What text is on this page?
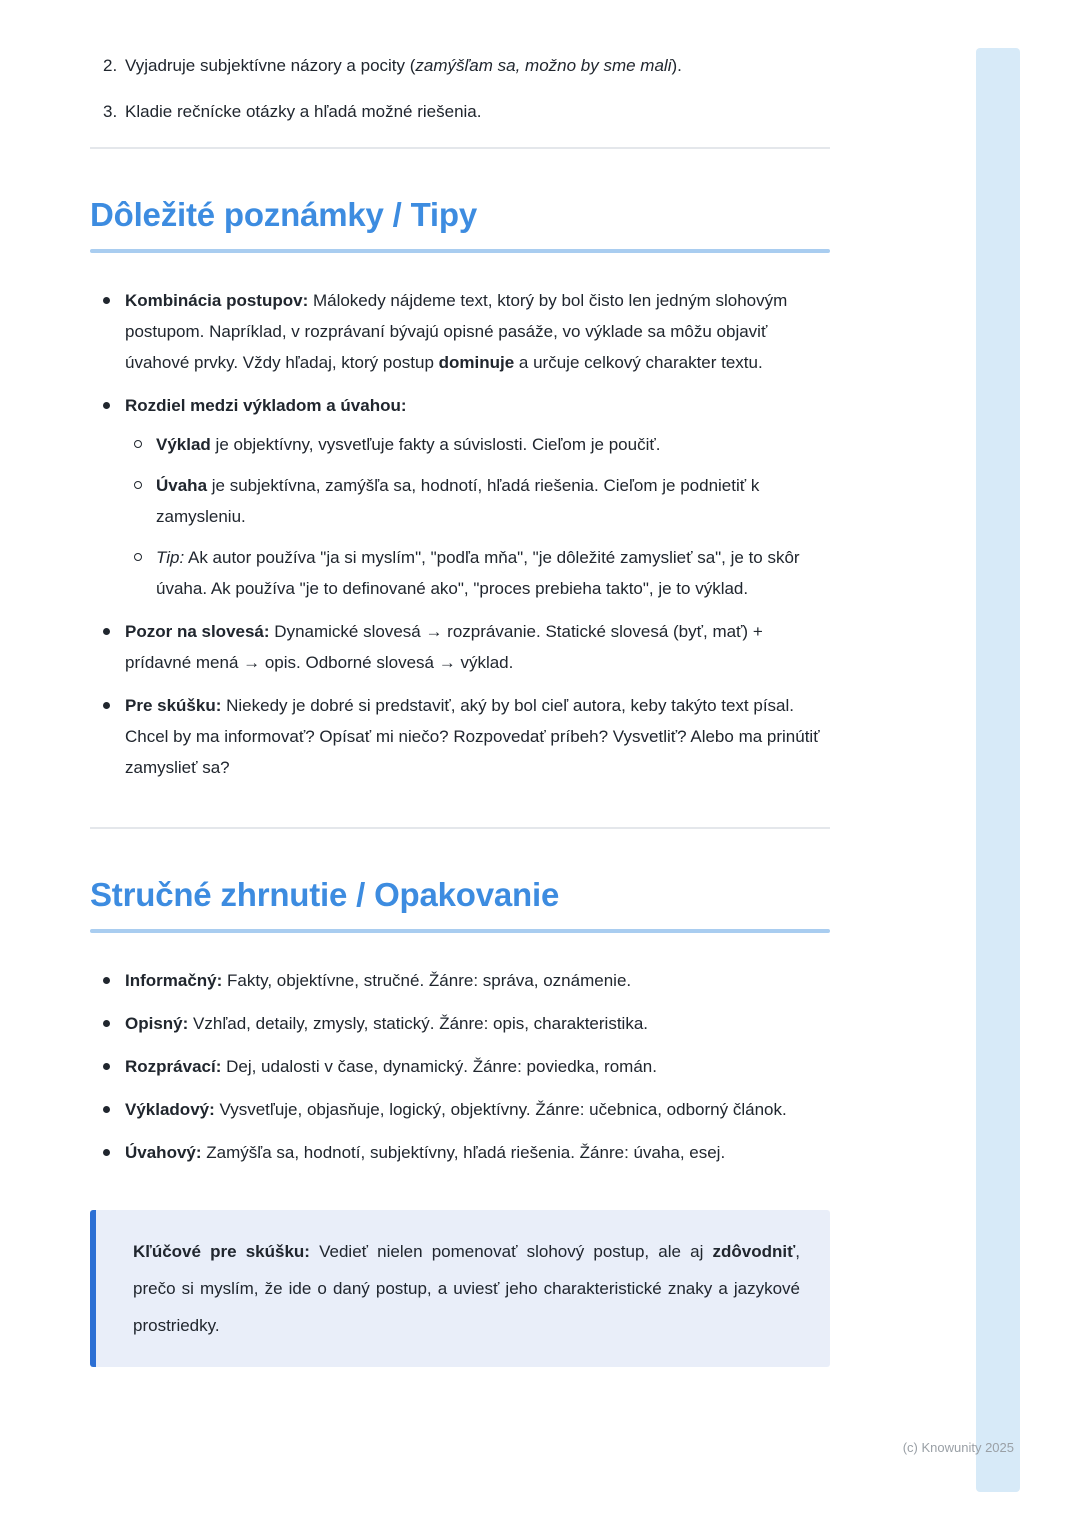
2. Vyjadruje subjektívne názory a pocity (zamýšľam sa, možno by sme mali).
3. Kladie rečnícke otázky a hľadá možné riešenia.
Dôležité poznámky / Tipy
Kombinácia postupov: Málokedy nájdeme text, ktorý by bol čisto len jedným slohovým postupom. Napríklad, v rozprávaní bývajú opisné pasáže, vo výklade sa môžu objaviť úvahové prvky. Vždy hľadaj, ktorý postup dominuje a určuje celkový charakter textu.
Rozdiel medzi výkladom a úvahou:
Výklad je objektívny, vysvetľuje fakty a súvislosti. Cieľom je poučiť.
Úvaha je subjektívna, zamýšľa sa, hodnotí, hľadá riešenia. Cieľom je podnietiť k zamysleniu.
Tip: Ak autor používa "ja si myslím", "podľa mňa", "je dôležité zamyslieť sa", je to skôr úvaha. Ak používa "je to definované ako", "proces prebieha takto", je to výklad.
Pozor na slovesá: Dynamické slovesá → rozprávanie. Statické slovesá (byť, mať) + prídavné mená → opis. Odborné slovesá → výklad.
Pre skúšku: Niekedy je dobré si predstaviť, aký by bol cieľ autora, keby takýto text písal. Chcel by ma informovať? Opísať mi niečo? Rozpovedať príbeh? Vysvetliť? Alebo ma prinútiť zamyslieť sa?
Stručné zhrnutie / Opakovanie
Informačný: Fakty, objektívne, stručné. Žánre: správa, oznámenie.
Opisný: Vzhľad, detaily, zmysly, statický. Žánre: opis, charakteristika.
Rozprávací: Dej, udalosti v čase, dynamický. Žánre: poviedka, román.
Výkladový: Vysvetľuje, objasňuje, logický, objektívny. Žánre: učebnica, odborný článok.
Úvahový: Zamýšľa sa, hodnotí, subjektívny, hľadá riešenia. Žánre: úvaha, esej.

Kľúčové pre skúšku: Vedieť nielen pomenovať slohový postup, ale aj zdôvodniť, prečo si myslím, že ide o daný postup, a uviesť jeho charakteristické znaky a jazykové prostriedky.

(c) Knowunity 2025
